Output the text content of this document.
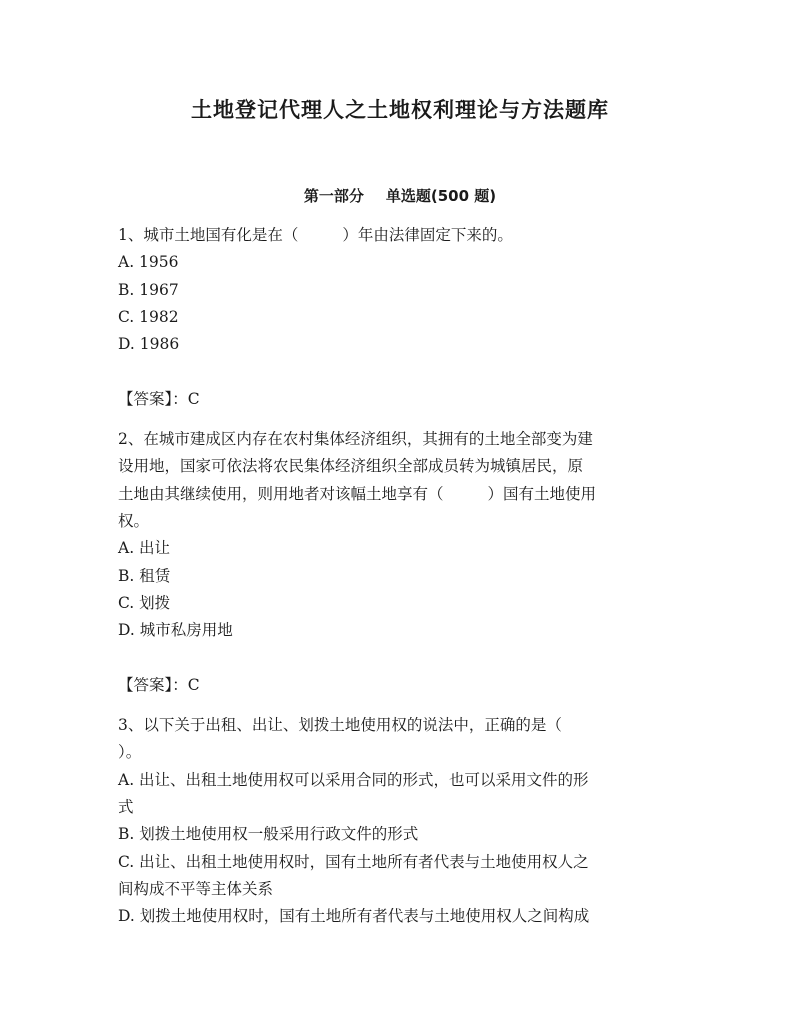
土地登记代理人之土地权利理论与方法题库
第一部分 单选题(500 题)
1、城市土地国有化是在（	）年由法律固定下来的。
A. 1956
B. 1967
C. 1982
D. 1986
【答案】：C
2、在城市建成区内存在农村集体经济组织，其拥有的土地全部变为建
设用地，国家可依法将农民集体经济组织全部成员转为城镇居民，原
土地由其继续使用，则用地者对该幅土地享有（	）国有土地使用
权。
A. 出让
B. 租赁
C. 划拨
D. 城市私房用地
【答案】：C
3、以下关于出租、出让、划拨土地使用权的说法中，正确的是（
）。
A. 出让、出租土地使用权可以采用合同的形式，也可以采用文件的形
式
B. 划拨土地使用权一般采用行政文件的形式
C. 出让、出租土地使用权时，国有土地所有者代表与土地使用权人之
间构成不平等主体关系
D. 划拨土地使用权时，国有土地所有者代表与土地使用权人之间构成
